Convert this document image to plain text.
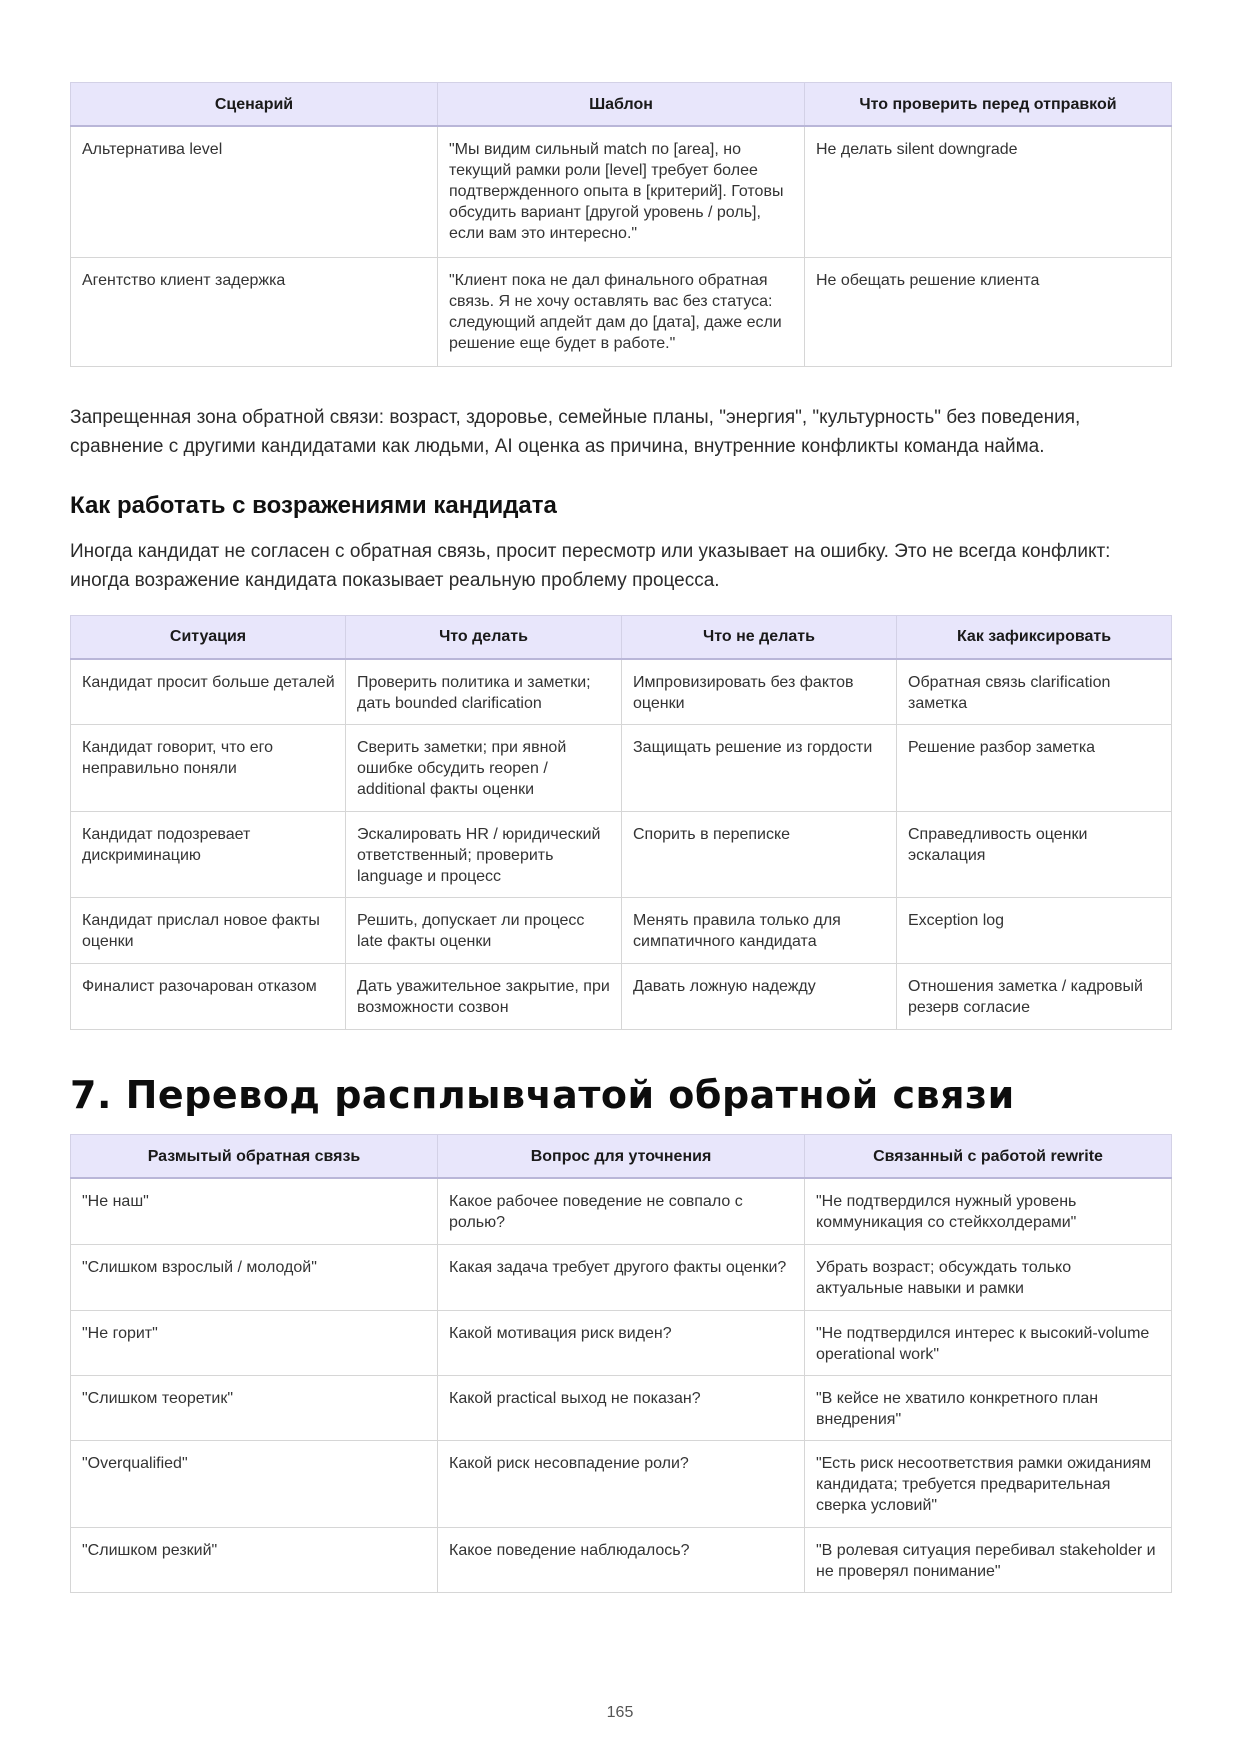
Сценарий	Шаблон	Что проверить перед отправкой
Альтернатива level	"Мы видим сильный match по [area], но текущий рамки роли [level] требует более подтвержденного опыта в [критерий]. Готовы обсудить вариант [другой уровень / роль], если вам это интересно."	Не делать silent downgrade
Агентство клиент задержка	"Клиент пока не дал финального обратная связь. Я не хочу оставлять вас без статуса: следующий апдейт дам до [дата], даже если решение еще будет в работе."	Не обещать решение клиента

Запрещенная зона обратной связи: возраст, здоровье, семейные планы, "энергия", "культурность" без поведения, сравнение с другими кандидатами как людьми, AI оценка as причина, внутренние конфликты команда найма.

Как работать с возражениями кандидата

Иногда кандидат не согласен с обратная связь, просит пересмотр или указывает на ошибку. Это не всегда конфликт: иногда возражение кандидата показывает реальную проблему процесса.

Ситуация	Что делать	Что не делать	Как зафиксировать
Кандидат просит больше деталей	Проверить политика и заметки; дать bounded clarification	Импровизировать без фактов оценки	Обратная связь clarification заметка
Кандидат говорит, что его неправильно поняли	Сверить заметки; при явной ошибке обсудить reopen / additional факты оценки	Защищать решение из гордости	Решение разбор заметка
Кандидат подозревает дискриминацию	Эскалировать HR / юридический ответственный; проверить language и процесс	Спорить в переписке	Справедливость оценки эскалация
Кандидат прислал новое факты оценки	Решить, допускает ли процесс late факты оценки	Менять правила только для симпатичного кандидата	Exception log
Финалист разочарован отказом	Дать уважительное закрытие, при возможности созвон	Давать ложную надежду	Отношения заметка / кадровый резерв согласие
7. Перевод расплывчатой обратной связи
Размытый обратная связь	Вопрос для уточнения	Связанный с работой rewrite
"Не наш"	Какое рабочее поведение не совпало с ролью?	"Не подтвердился нужный уровень коммуникация со стейкхолдерами"
"Слишком взрослый / молодой"	Какая задача требует другого факты оценки?	Убрать возраст; обсуждать только актуальные навыки и рамки
"Не горит"	Какой мотивация риск виден?	"Не подтвердился интерес к высокий-volume operational work"
"Слишком теоретик"	Какой practical выход не показан?	"В кейсе не хватило конкретного план внедрения"
"Overqualified"	Какой риск несовпадение роли?	"Есть риск несоответствия рамки ожиданиям кандидата; требуется предварительная сверка условий"
"Слишком резкий"	Какое поведение наблюдалось?	"В ролевая ситуация перебивал stakeholder и не проверял понимание"
165
